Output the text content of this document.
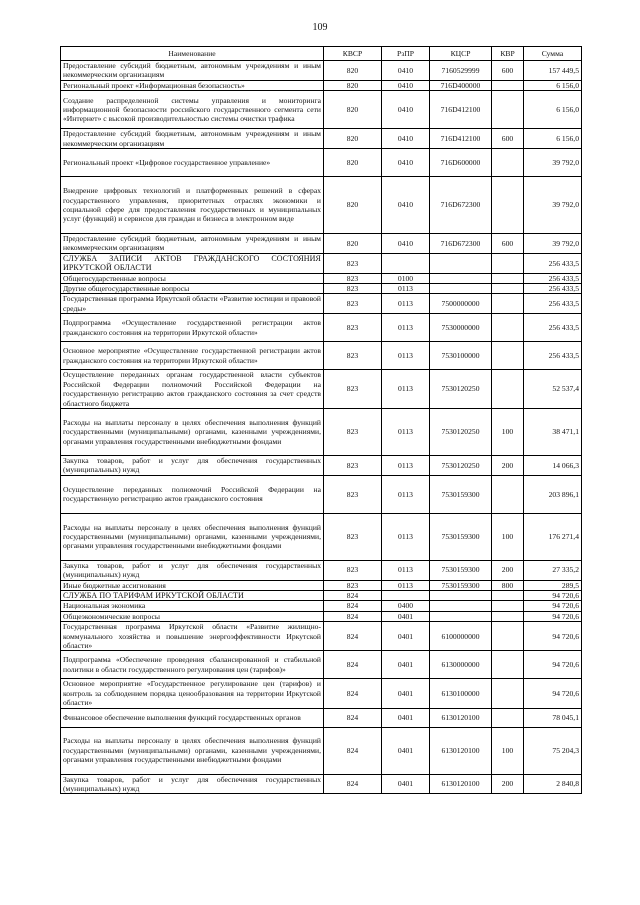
109
Наименование	КВСР	РзПР	КЦСР	КВР	Сумма
Предоставление субсидий бюджетным, автономным учреждениям и иным некоммерческим организациям	820	0410	7160529999	600	157 449,5
Региональный проект «Информационная безопасность»	820	0410	716D400000		6 156,0
Создание распределенной системы управления и мониторинга информационной безопасности российского государственного сегмента сети «Интернет» с высокой производительностью системы очистки трафика	820	0410	716D412100		6 156,0
Предоставление субсидий бюджетным, автономным учреждениям и иным некоммерческим организациям	820	0410	716D412100	600	6 156,0
Региональный проект «Цифровое государственное управление»	820	0410	716D600000		39 792,0
Внедрение цифровых технологий и платформенных решений в сферах государственного управления, приоритетных отраслях экономики и социальной сфере для предоставления государственных и муниципальных услуг (функций) и сервисов для граждан и бизнеса в электронном виде	820	0410	716D672300		39 792,0
Предоставление субсидий бюджетным, автономным учреждениям и иным некоммерческим организациям	820	0410	716D672300	600	39 792,0
СЛУЖБА ЗАПИСИ АКТОВ ГРАЖДАНСКОГО СОСТОЯНИЯ ИРКУТСКОЙ ОБЛАСТИ	823				256 433,5
Общегосударственные вопросы	823	0100			256 433,5
Другие общегосударственные вопросы	823	0113			256 433,5
Государственная программа Иркутской области «Развитие юстиции и правовой среды»	823	0113	7500000000		256 433,5
Подпрограмма «Осуществление государственной регистрации актов гражданского состояния на территории Иркутской области»	823	0113	7530000000		256 433,5
Основное мероприятие «Осуществление государственной регистрации актов гражданского состояния на территории Иркутской области»	823	0113	7530100000		256 433,5
Осуществление переданных органам государственной власти субъектов Российской Федерации полномочий Российской Федерации на государственную регистрацию актов гражданского состояния за счет средств областного бюджета	823	0113	7530120250		52 537,4
Расходы на выплаты персоналу в целях обеспечения выполнения функций государственными (муниципальными) органами, казенными учреждениями, органами управления государственными внебюджетными фондами	823	0113	7530120250	100	38 471,1
Закупка товаров, работ и услуг для обеспечения государственных (муниципальных) нужд	823	0113	7530120250	200	14 066,3
Осуществление переданных полномочий Российской Федерации на государственную регистрацию актов гражданского состояния	823	0113	7530159300		203 896,1
Расходы на выплаты персоналу в целях обеспечения выполнения функций государственными (муниципальными) органами, казенными учреждениями, органами управления государственными внебюджетными фондами	823	0113	7530159300	100	176 271,4
Закупка товаров, работ и услуг для обеспечения государственных (муниципальных) нужд	823	0113	7530159300	200	27 335,2
Иные бюджетные ассигнования	823	0113	7530159300	800	289,5
СЛУЖБА ПО ТАРИФАМ ИРКУТСКОЙ ОБЛАСТИ	824				94 720,6
Национальная экономика	824	0400			94 720,6
Общеэкономические вопросы	824	0401			94 720,6
Государственная программа Иркутской области «Развитие жилищно-коммунального хозяйства и повышение энергоэффективности Иркутской области»	824	0401	6100000000		94 720,6
Подпрограмма «Обеспечение проведения сбалансированной и стабильной политики в области государственного регулирования цен (тарифов)»	824	0401	6130000000		94 720,6
Основное мероприятие «Государственное регулирование цен (тарифов) и контроль за соблюдением порядка ценообразования на территории Иркутской области»	824	0401	6130100000		94 720,6
Финансовое обеспечение выполнения функций государственных органов	824	0401	6130120100		78 045,1
Расходы на выплаты персоналу в целях обеспечения выполнения функций государственными (муниципальными) органами, казенными учреждениями, органами управления государственными внебюджетными фондами	824	0401	6130120100	100	75 204,3
Закупка товаров, работ и услуг для обеспечения государственных (муниципальных) нужд	824	0401	6130120100	200	2 840,8
